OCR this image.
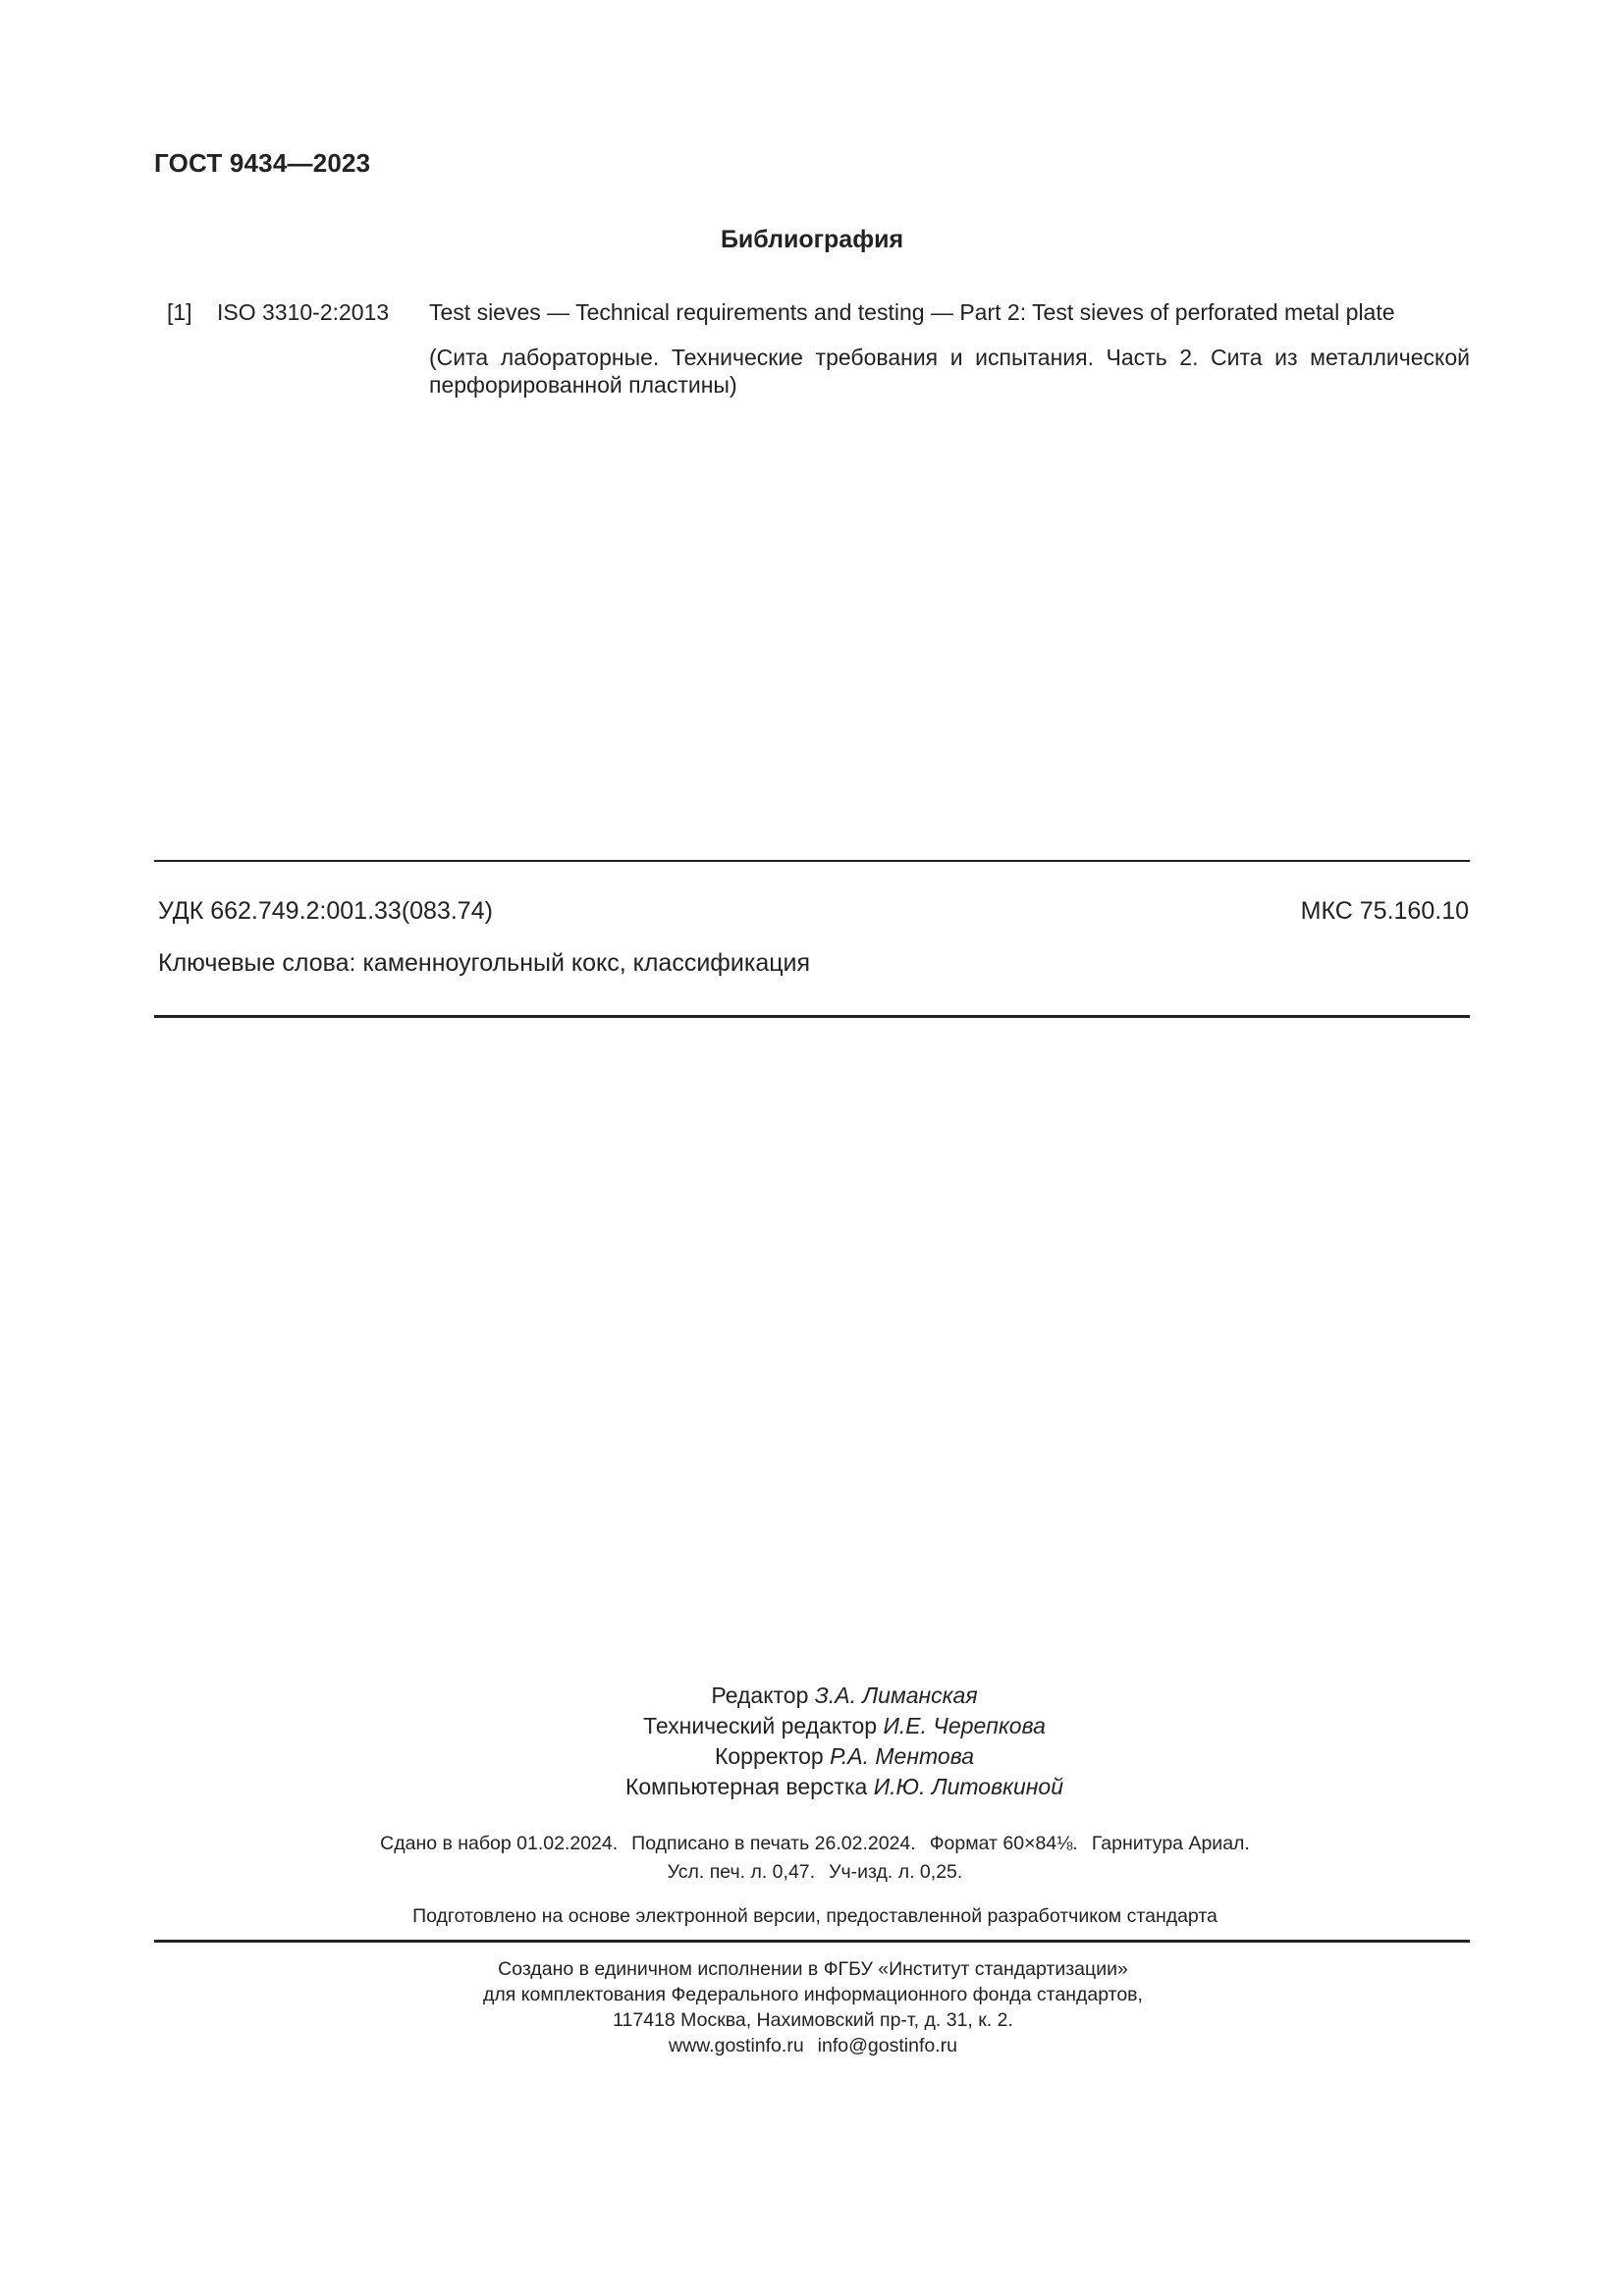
ГОСТ 9434—2023
Библиография
[1] ISO 3310-2:2013 Test sieves — Technical requirements and testing — Part 2: Test sieves of perforated metal plate
(Сита лабораторные. Технические требования и испытания. Часть 2. Сита из металлической перфорированной пластины)
УДК 662.749.2:001.33(083.74)	МКС 75.160.10
Ключевые слова: каменноугольный кокс, классификация
Редактор З.А. Лиманская
Технический редактор И.Е. Черепкова
Корректор Р.А. Ментова
Компьютерная верстка И.Ю. Литовкиной
Сдано в набор 01.02.2024. Подписано в печать 26.02.2024. Формат 60×84⅛. Гарнитура Ариал.
Усл. печ. л. 0,47. Уч-изд. л. 0,25.
Подготовлено на основе электронной версии, предоставленной разработчиком стандарта
Создано в единичном исполнении в ФГБУ «Институт стандартизации»
для комплектования Федерального информационного фонда стандартов,
117418 Москва, Нахимовский пр-т, д. 31, к. 2.
www.gostinfo.ru info@gostinfo.ru
